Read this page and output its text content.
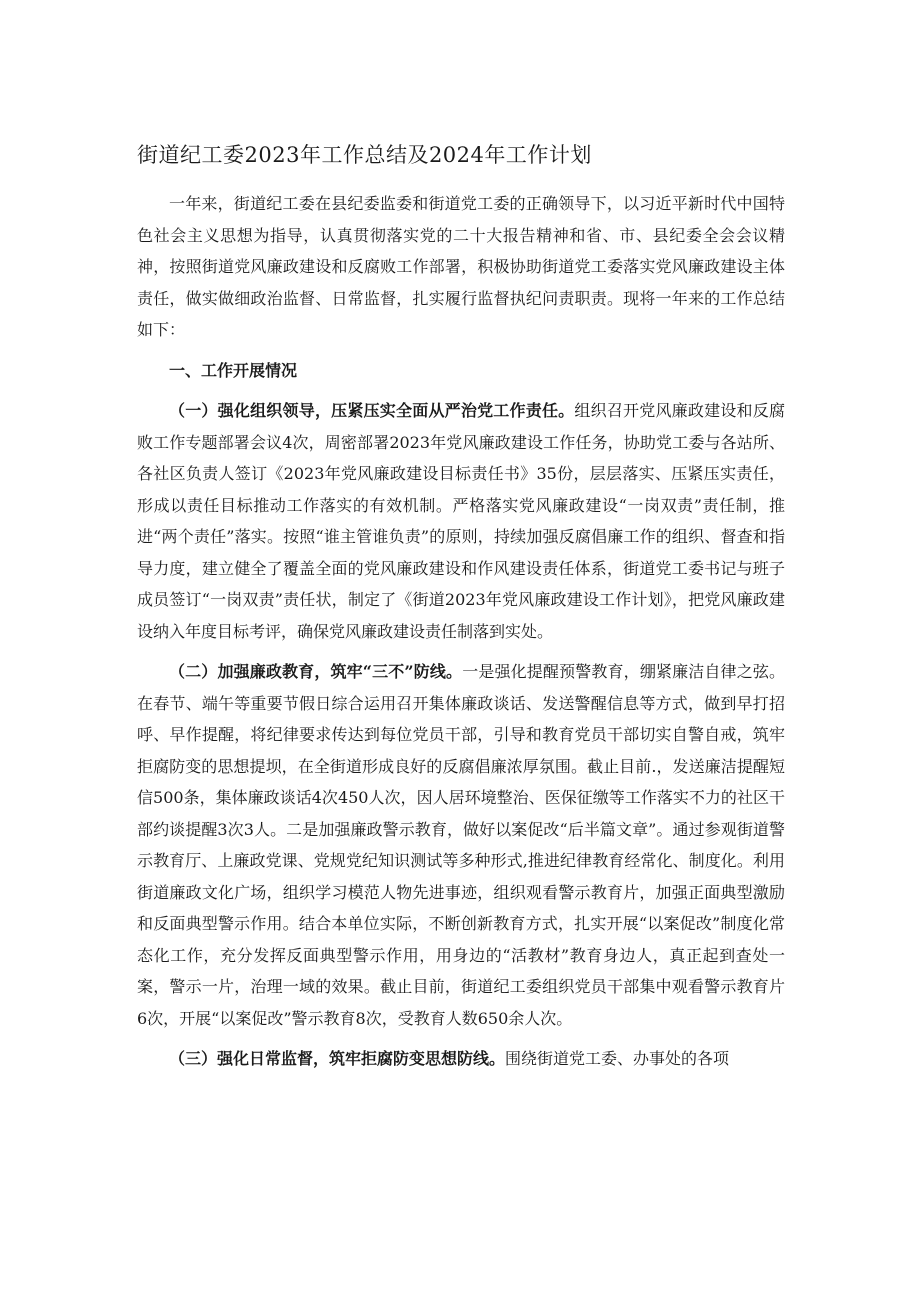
街道纪工委2023年工作总结及2024年工作计划

一年来，街道纪工委在县纪委监委和街道党工委的正确领导下，以习近平新时代中国特色社会主义思想为指导，认真贯彻落实党的二十大报告精神和省、市、县纪委全会会议精神，按照街道党风廉政建设和反腐败工作部署，积极协助街道党工委落实党风廉政建设主体责任，做实做细政治监督、日常监督，扎实履行监督执纪问责职责。现将一年来的工作总结如下：

一、工作开展情况

（一）强化组织领导，压紧压实全面从严治党工作责任。组织召开党风廉政建设和反腐败工作专题部署会议4次，周密部署2023年党风廉政建设工作任务，协助党工委与各站所、各社区负责人签订《2023年党风廉政建设目标责任书》35份，层层落实、压紧压实责任，形成以责任目标推动工作落实的有效机制。严格落实党风廉政建设“一岗双责”责任制，推进“两个责任”落实。按照“谁主管谁负责”的原则，持续加强反腐倡廉工作的组织、督查和指导力度，建立健全了覆盖全面的党风廉政建设和作风建设责任体系，街道党工委书记与班子成员签订“一岗双责”责任状，制定了《街道2023年党风廉政建设工作计划》，把党风廉政建设纳入年度目标考评，确保党风廉政建设责任制落到实处。

（二）加强廉政教育，筑牢“三不”防线。一是强化提醒预警教育，绷紧廉洁自律之弦。在春节、端午等重要节假日综合运用召开集体廉政谈话、发送警醒信息等方式，做到早打招呼、早作提醒，将纪律要求传达到每位党员干部，引导和教育党员干部切实自警自戒，筑牢拒腐防变的思想提坝，在全街道形成良好的反腐倡廉浓厚氛围。截止目前.，发送廉洁提醒短信500条，集体廉政谈话4次450人次，因人居环境整治、医保征缴等工作落实不力的社区干部约谈提醒3次3人。二是加强廉政警示教育，做好以案促改“后半篇文章”。通过参观街道警示教育厅、上廉政党课、党规党纪知识测试等多种形式,推进纪律教育经常化、制度化。利用街道廉政文化广场，组织学习模范人物先进事迹，组织观看警示教育片，加强正面典型激励和反面典型警示作用。结合本单位实际，不断创新教育方式，扎实开展“以案促改”制度化常态化工作，充分发挥反面典型警示作用，用身边的“活教材”教育身边人，真正起到查处一案，警示一片，治理一域的效果。截止目前，街道纪工委组织党员干部集中观看警示教育片6次，开展“以案促改”警示教育8次，受教育人数650余人次。

（三）强化日常监督，筑牢拒腐防变思想防线。围绕街道党工委、办事处的各项
